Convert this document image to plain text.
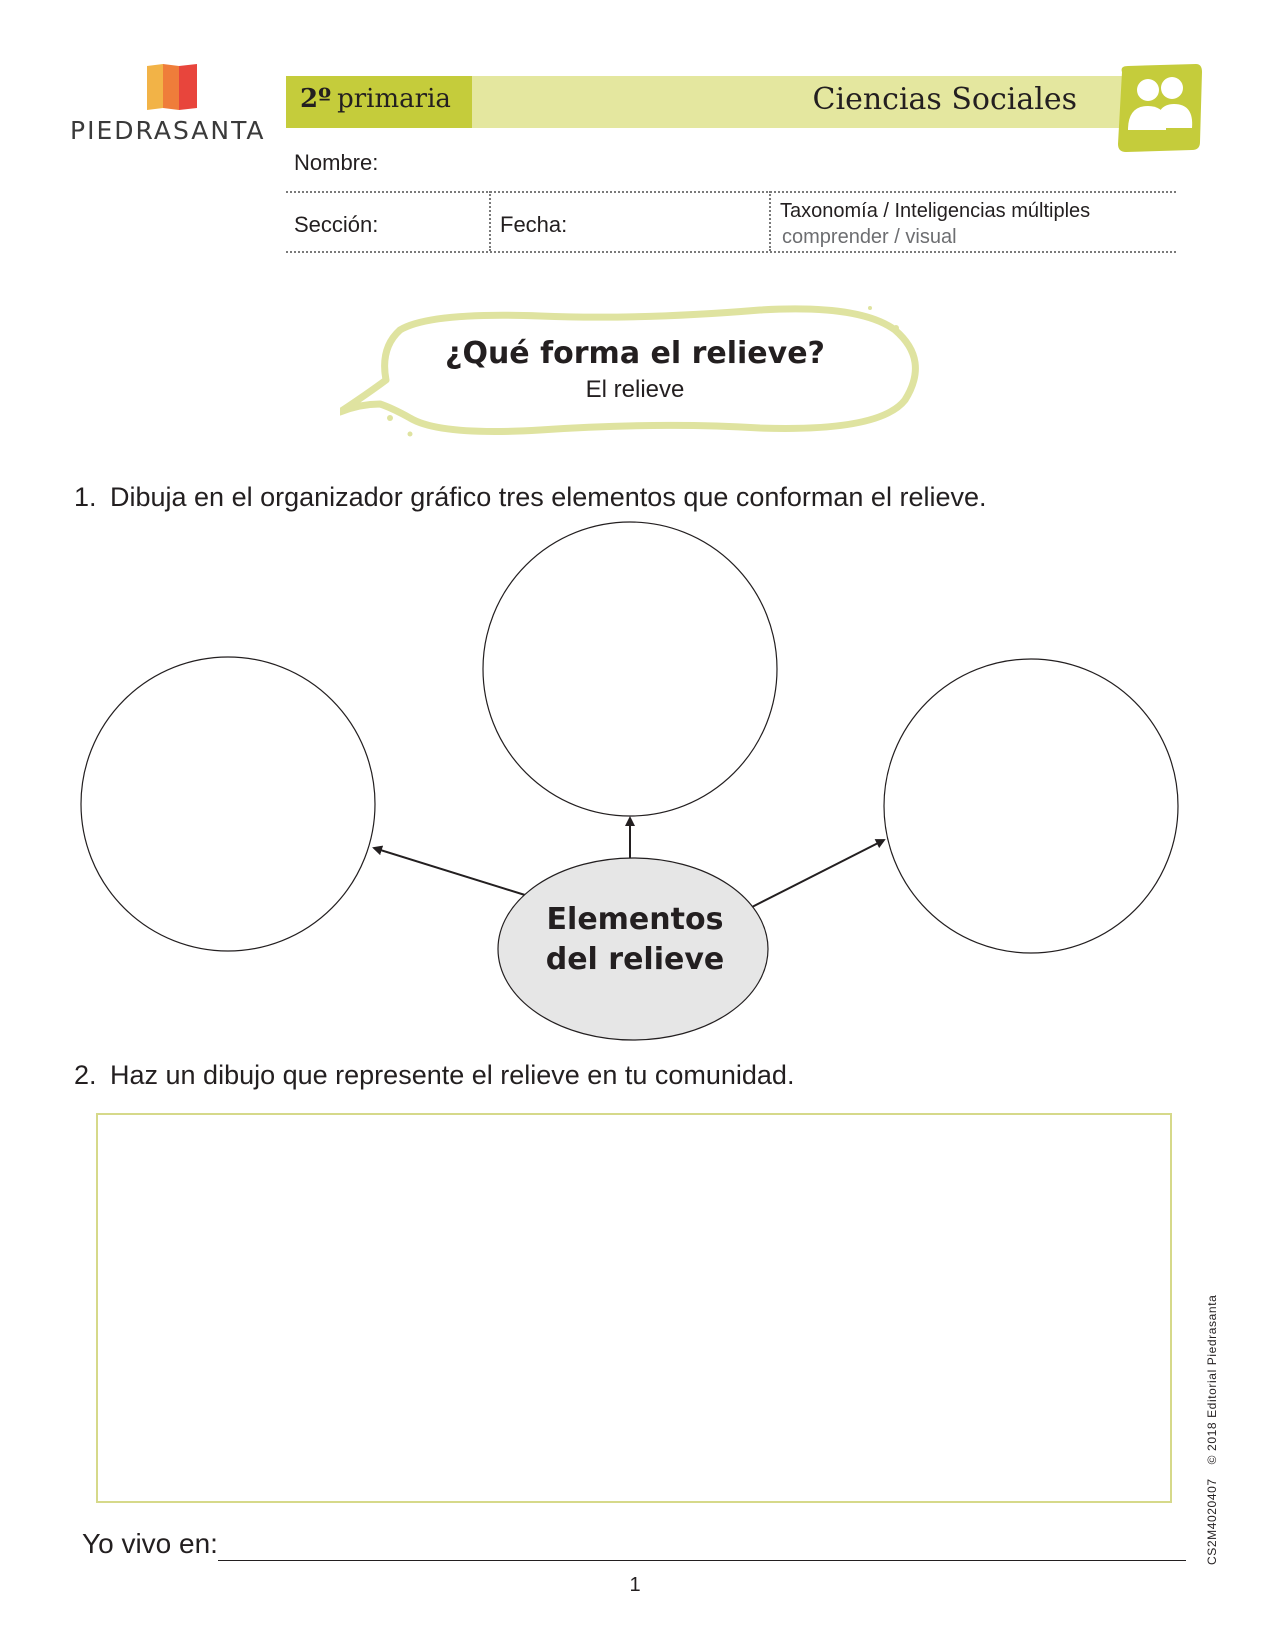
PIEDRASANTA
2º primaria	Ciencias Sociales
Nombre:
Sección:	Fecha:
Taxonomía / Inteligencias múltiples
comprender / visual
¿Qué forma el relieve?
El relieve
1. Dibuja en el organizador gráfico tres elementos que conforman el relieve.
Elementos
del relieve
2. Haz un dibujo que represente el relieve en tu comunidad.
Yo vivo en:
1
CS2M4020407© 2018 Editorial Piedrasanta
